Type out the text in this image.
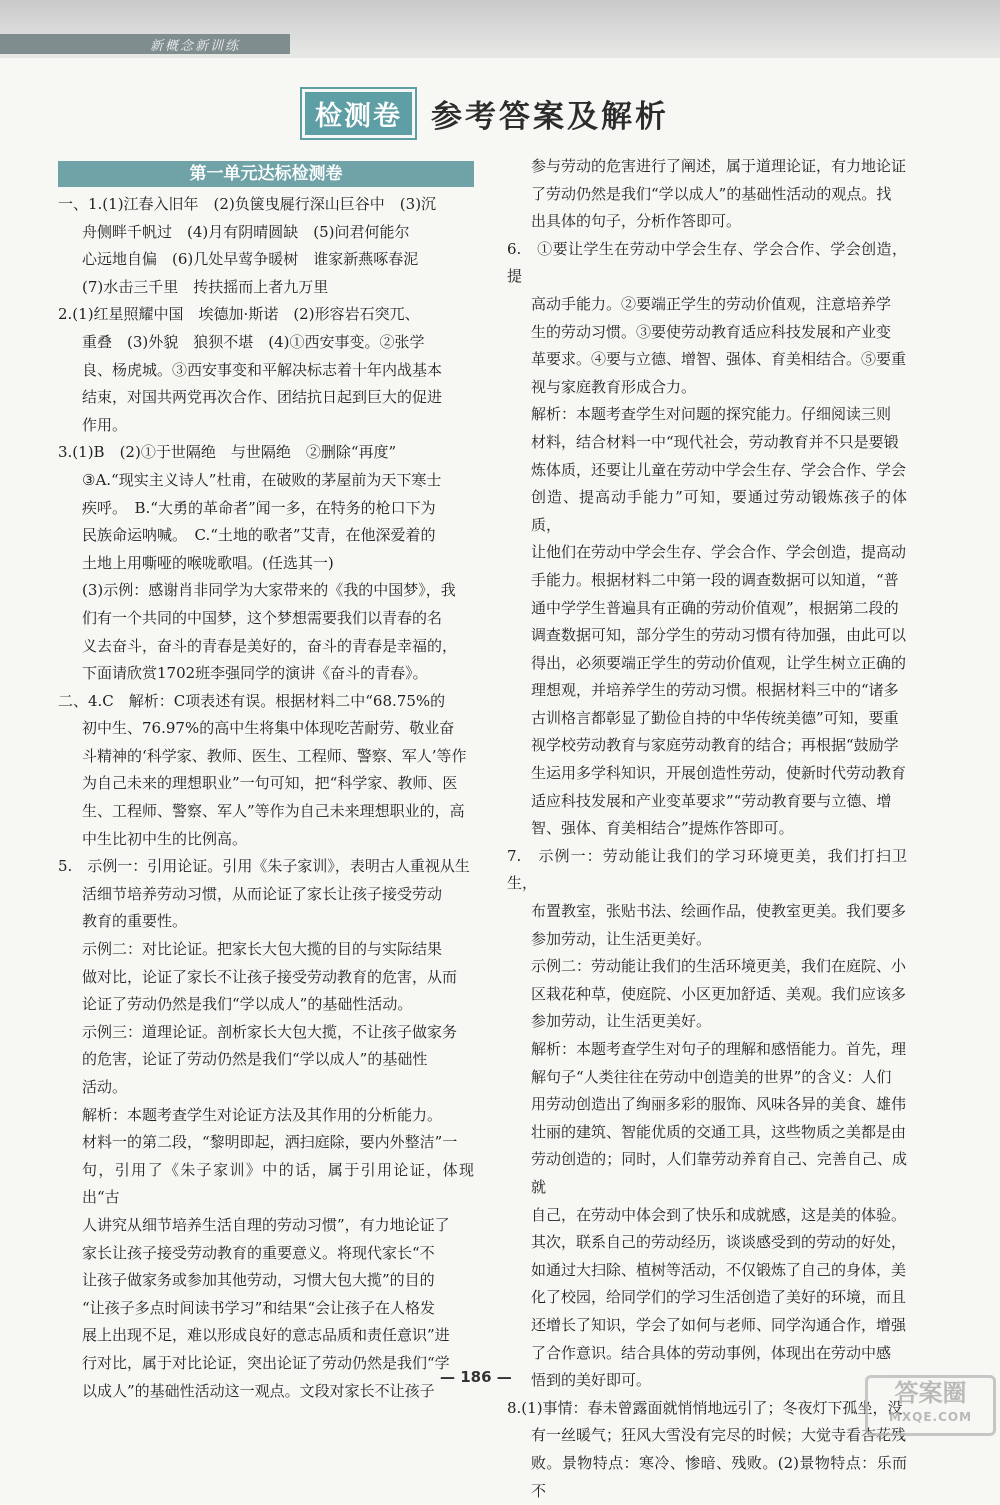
新概念新训练
检测卷 参考答案及解析
第一单元达标检测卷

一、1.(1)江春入旧年　(2)负箧曳屣行深山巨谷中　(3)沉

舟侧畔千帆过　(4)月有阴晴圆缺　(5)问君何能尔

心远地自偏　(6)几处早莺争暖树　谁家新燕啄春泥

(7)水击三千里　抟扶摇而上者九万里

2.(1)红星照耀中国　埃德加·斯诺　(2)形容岩石突兀、

重叠　(3)外貌　狼狈不堪　(4)①西安事变。②张学

良、杨虎城。③西安事变和平解决标志着十年内战基本

结束，对国共两党再次合作、团结抗日起到巨大的促进

作用。

3.(1)B　(2)①于世隔绝　与世隔绝　②删除“再度”

③A.“现实主义诗人”杜甫，在破败的茅屋前为天下寒士

疾呼。　B.“大勇的革命者”闻一多，在特务的枪口下为

民族命运呐喊。　C.“土地的歌者”艾青，在他深爱着的

土地上用嘶哑的喉咙歌唱。(任选其一)

(3)示例：感谢肖非同学为大家带来的《我的中国梦》，我

们有一个共同的中国梦，这个梦想需要我们以青春的名

义去奋斗，奋斗的青春是美好的，奋斗的青春是幸福的，

下面请欣赏1702班李强同学的演讲《奋斗的青春》。

二、4.C　解析：C项表述有误。根据材料二中“68.75%的

初中生、76.97%的高中生将集中体现吃苦耐劳、敬业奋

斗精神的‘科学家、教师、医生、工程师、警察、军人’等作

为自己未来的理想职业”一句可知，把“科学家、教师、医

生、工程师、警察、军人”等作为自己未来理想职业的，高

中生比初中生的比例高。

5.　示例一：引用论证。引用《朱子家训》，表明古人重视从生

活细节培养劳动习惯，从而论证了家长让孩子接受劳动

教育的重要性。

示例二：对比论证。把家长大包大揽的目的与实际结果

做对比，论证了家长不让孩子接受劳动教育的危害，从而

论证了劳动仍然是我们“学以成人”的基础性活动。

示例三：道理论证。剖析家长大包大揽，不让孩子做家务

的危害，论证了劳动仍然是我们“学以成人”的基础性

活动。

解析：本题考查学生对论证方法及其作用的分析能力。

材料一的第二段，“黎明即起，洒扫庭除，要内外整洁”一

句，引用了《朱子家训》中的话，属于引用论证，体现出“古

人讲究从细节培养生活自理的劳动习惯”，有力地论证了

家长让孩子接受劳动教育的重要意义。将现代家长“不

让孩子做家务或参加其他劳动，习惯大包大揽”的目的

“让孩子多点时间读书学习”和结果“会让孩子在人格发

展上出现不足，难以形成良好的意志品质和责任意识”进

行对比，属于对比论证，突出论证了劳动仍然是我们“学

以成人”的基础性活动这一观点。文段对家长不让孩子

参与劳动的危害进行了阐述，属于道理论证，有力地论证

了劳动仍然是我们“学以成人”的基础性活动的观点。找

出具体的句子，分析作答即可。

6.　①要让学生在劳动中学会生存、学会合作、学会创造，提

高动手能力。②要端正学生的劳动价值观，注意培养学

生的劳动习惯。③要使劳动教育适应科技发展和产业变

革要求。④要与立德、增智、强体、育美相结合。⑤要重

视与家庭教育形成合力。

解析：本题考查学生对问题的探究能力。仔细阅读三则

材料，结合材料一中“现代社会，劳动教育并不只是要锻

炼体质，还要让儿童在劳动中学会生存、学会合作、学会

创造、提高动手能力”可知，要通过劳动锻炼孩子的体质，

让他们在劳动中学会生存、学会合作、学会创造，提高动

手能力。根据材料二中第一段的调查数据可以知道，“普

通中学学生普遍具有正确的劳动价值观”，根据第二段的

调查数据可知，部分学生的劳动习惯有待加强，由此可以

得出，必须要端正学生的劳动价值观，让学生树立正确的

理想观，并培养学生的劳动习惯。根据材料三中的“诸多

古训格言都彰显了勤俭自持的中华传统美德”可知，要重

视学校劳动教育与家庭劳动教育的结合；再根据“鼓励学

生运用多学科知识，开展创造性劳动，使新时代劳动教育

适应科技发展和产业变革要求”“劳动教育要与立德、增

智、强体、育美相结合”提炼作答即可。

7.　示例一：劳动能让我们的学习环境更美，我们打扫卫生，

布置教室，张贴书法、绘画作品，使教室更美。我们要多

参加劳动，让生活更美好。

示例二：劳动能让我们的生活环境更美，我们在庭院、小

区栽花种草，使庭院、小区更加舒适、美观。我们应该多

参加劳动，让生活更美好。

解析：本题考查学生对句子的理解和感悟能力。首先，理

解句子“人类往往在劳动中创造美的世界”的含义：人们

用劳动创造出了绚丽多彩的服饰、风味各异的美食、雄伟

壮丽的建筑、智能优质的交通工具，这些物质之美都是由

劳动创造的；同时，人们靠劳动养育自己、完善自己、成就

自己，在劳动中体会到了快乐和成就感，这是美的体验。

其次，联系自己的劳动经历，谈谈感受到的劳动的好处，

如通过大扫除、植树等活动，不仅锻炼了自己的身体，美

化了校园，给同学们的学习生活创造了美好的环境，而且

还增长了知识，学会了如何与老师、同学沟通合作，增强

了合作意识。结合具体的劳动事例，体现出在劳动中感

悟到的美好即可。

8.(1)事情：春未曾露面就悄悄地远引了；冬夜灯下孤坐，没

有一丝暖气；狂风大雪没有完尽的时候；大觉寺看杏花残

败。景物特点：寒冷、惨暗、残败。(2)景物特点：乐而不

— 186 —
答案圈
MXQE.COM
